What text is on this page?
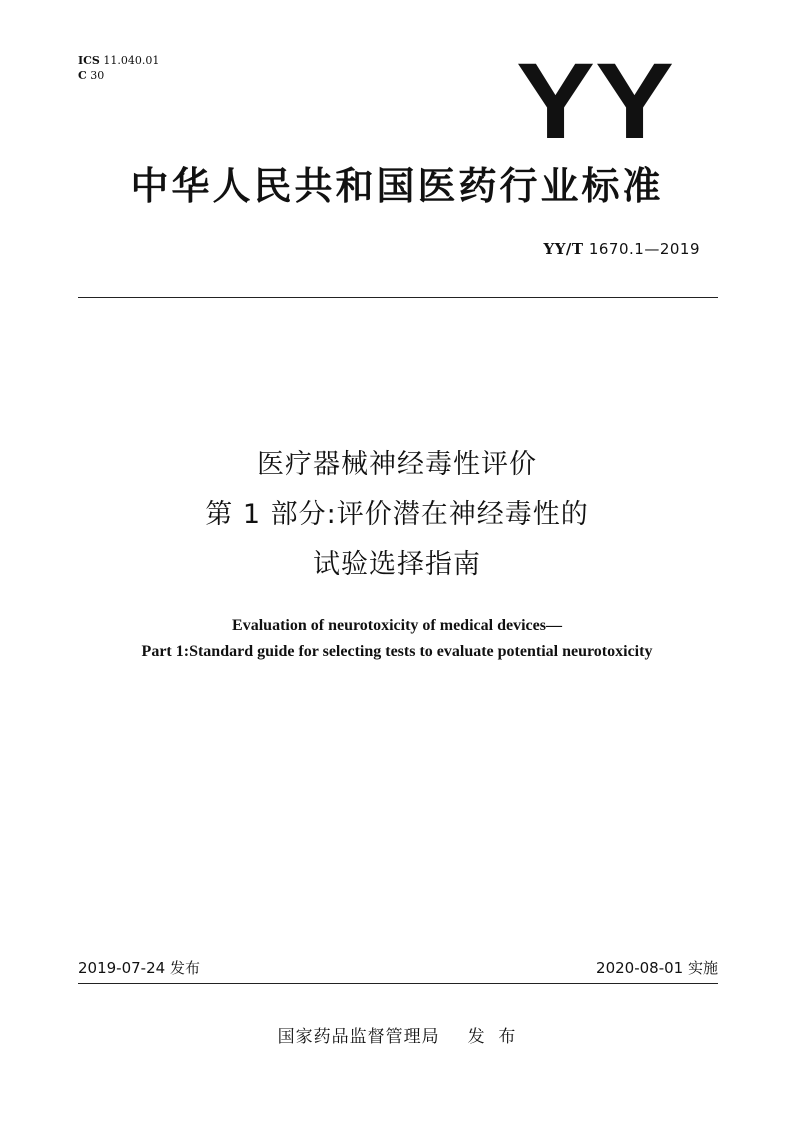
ICS 11.040.01
C 30	YY
中华人民共和国医药行业标准
YY/T 1670.1—2019
医疗器械神经毒性评价
第 1 部分:评价潜在神经毒性的
试验选择指南
Evaluation of neurotoxicity of medical devices—
Part 1:Standard guide for selecting tests to evaluate potential neurotoxicity
2019-07-24 发布	2020-08-01 实施
国家药品监督管理局 发  布
